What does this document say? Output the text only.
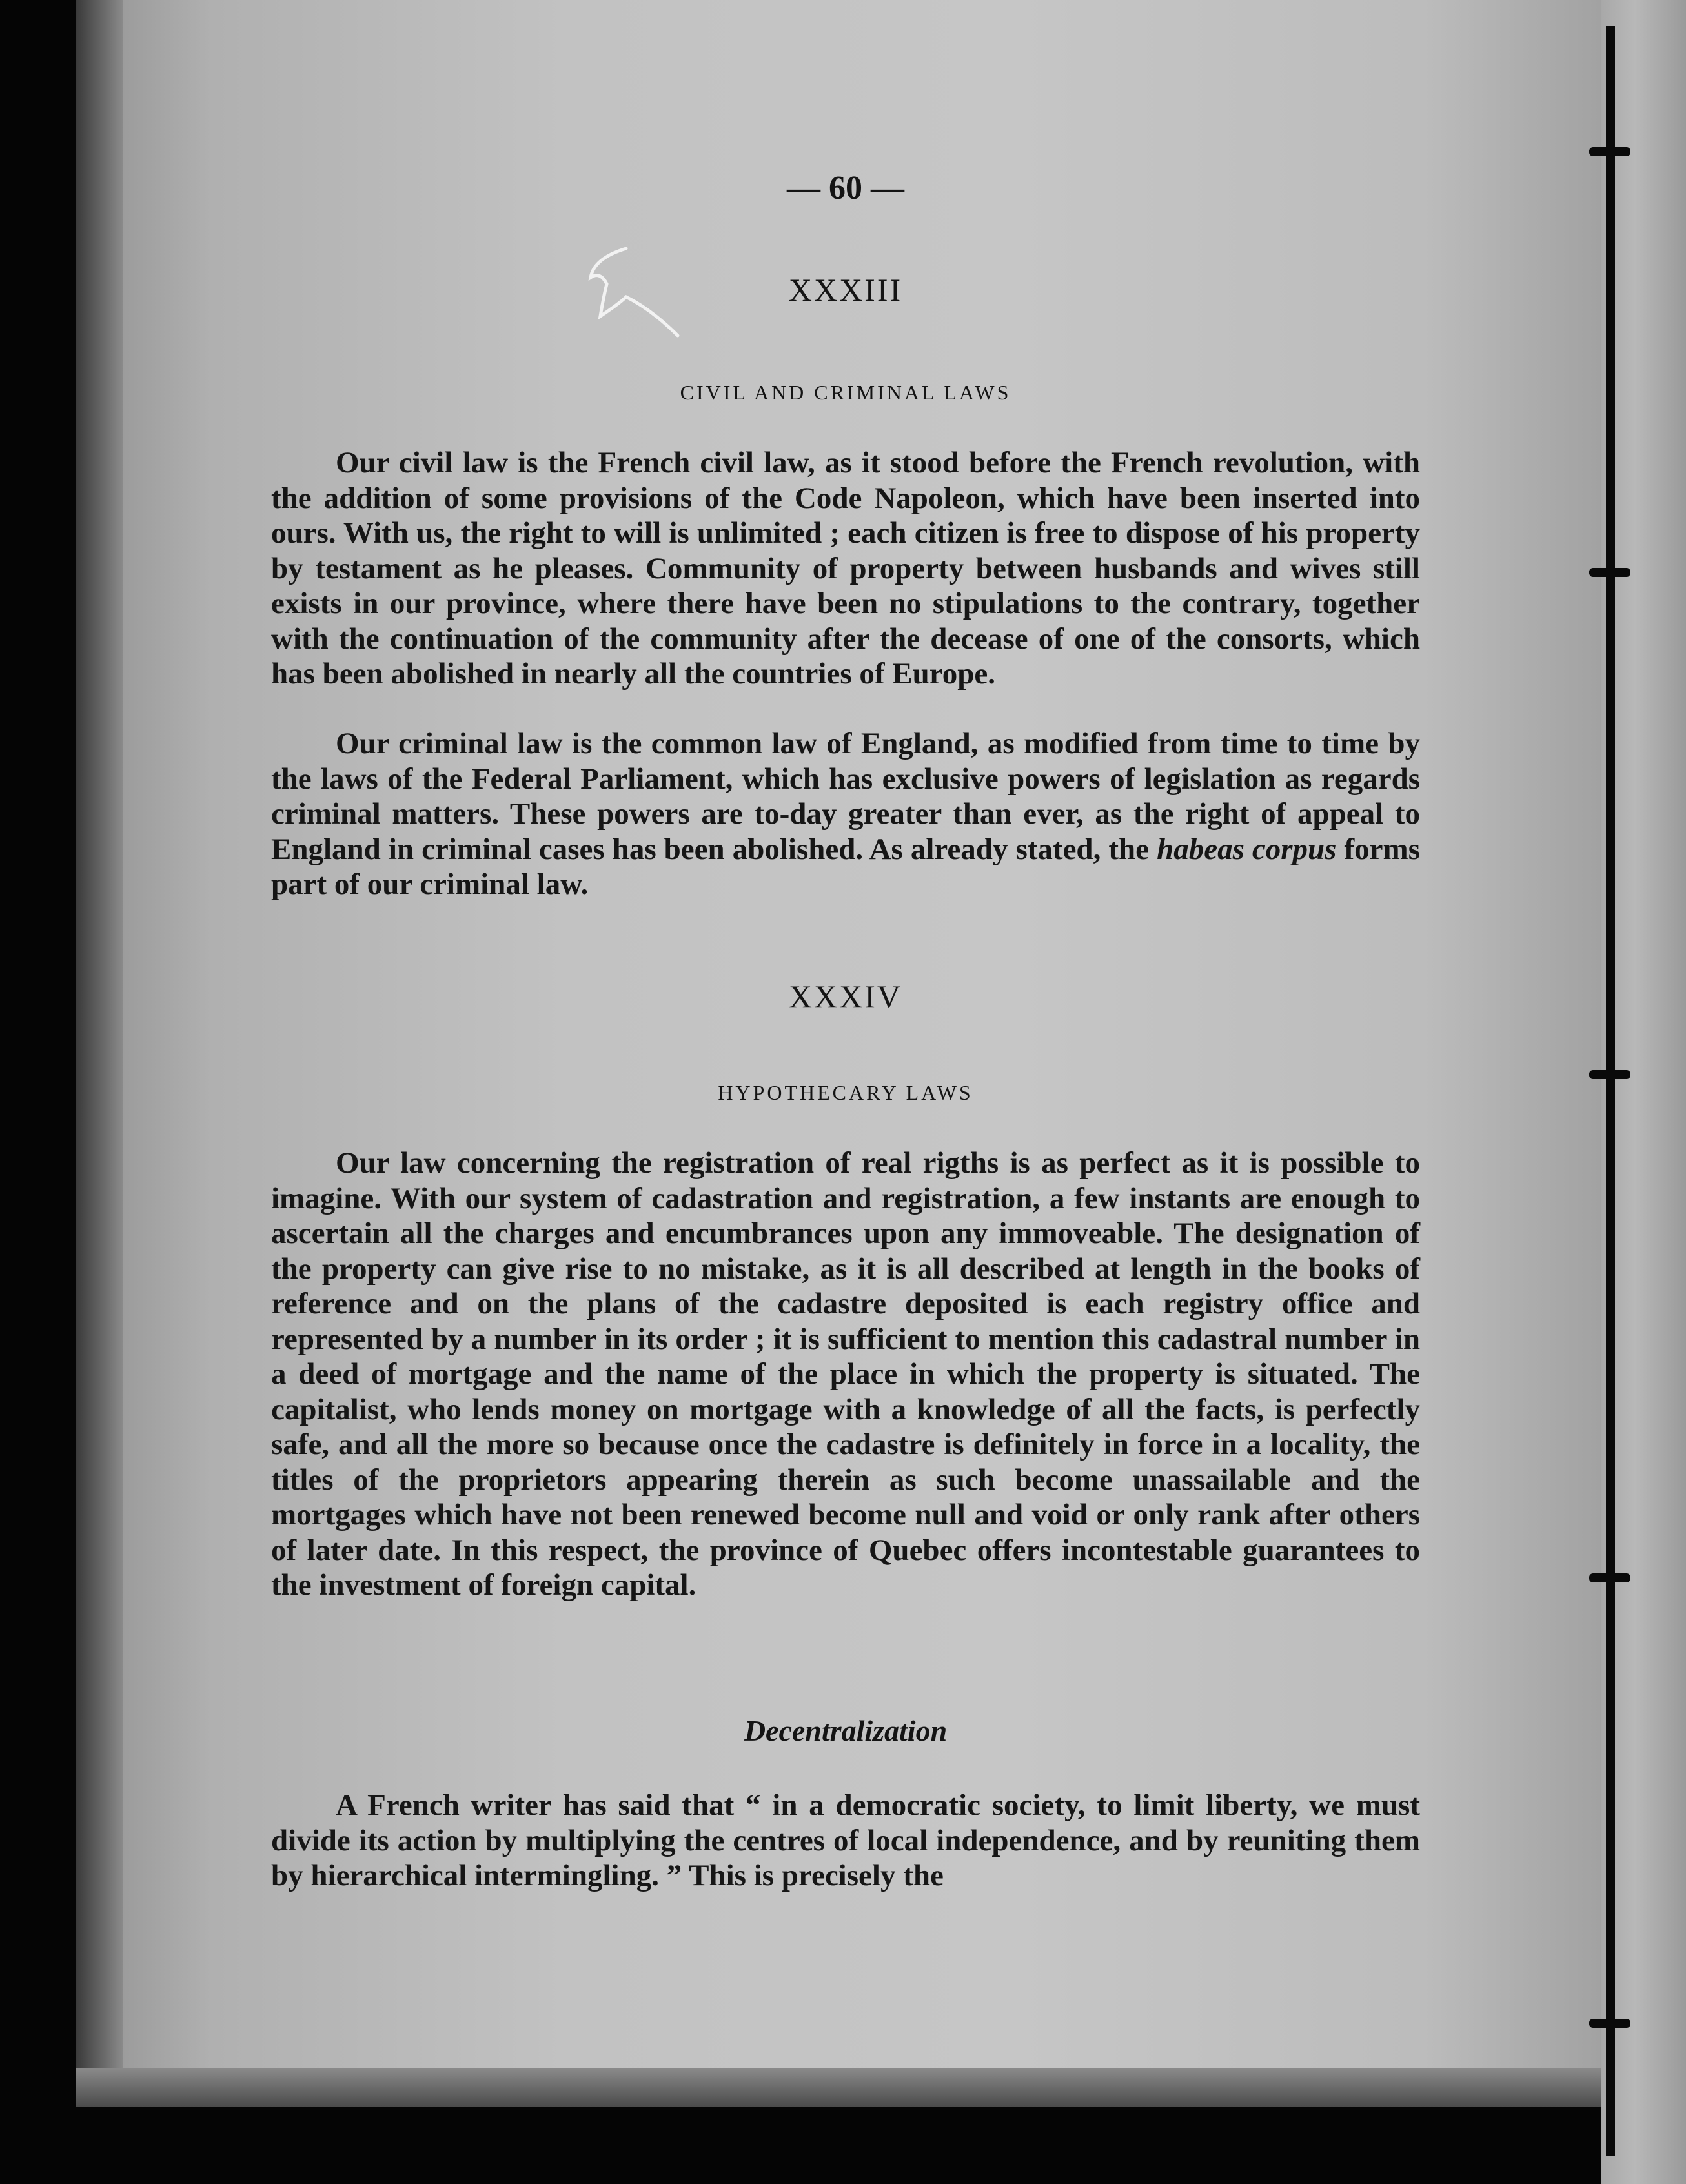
— 60 —

XXXIII
CIVIL AND CRIMINAL LAWS

Our civil law is the French civil law, as it stood before the French revolution, with the addition of some provisions of the Code Napoleon, which have been inserted into ours. With us, the right to will is unlimited ; each citizen is free to dispose of his property by testament as he pleases. Community of property between husbands and wives still exists in our province, where there have been no stipulations to the contrary, together with the continuation of the community after the decease of one of the consorts, which has been abolished in nearly all the countries of Europe.

Our criminal law is the common law of England, as modified from time to time by the laws of the Federal Parliament, which has exclusive powers of legislation as regards criminal matters. These powers are to-day greater than ever, as the right of appeal to England in criminal cases has been abolished. As already stated, the habeas corpus forms part of our criminal law.

XXXIV
HYPOTHECARY LAWS

Our law concerning the registration of real rigths is as perfect as it is possible to imagine. With our system of cadastration and registration, a few instants are enough to ascertain all the charges and encumbrances upon any immoveable. The designation of the property can give rise to no mistake, as it is all described at length in the books of reference and on the plans of the cadastre deposited is each registry office and represented by a number in its order ; it is sufficient to mention this cadastral number in a deed of mortgage and the name of the place in which the property is situated. The capitalist, who lends money on mortgage with a knowledge of all the facts, is perfectly safe, and all the more so because once the cadastre is definitely in force in a locality, the titles of the proprietors appearing therein as such become unassailable and the mortgages which have not been renewed become null and void or only rank after others of later date. In this respect, the province of Quebec offers incontestable guarantees to the investment of foreign capital.

Decentralization

A French writer has said that “ in a democratic society, to limit liberty, we must divide its action by multiplying the centres of local independence, and by reuniting them by hierarchical intermingling. ” This is precisely the
